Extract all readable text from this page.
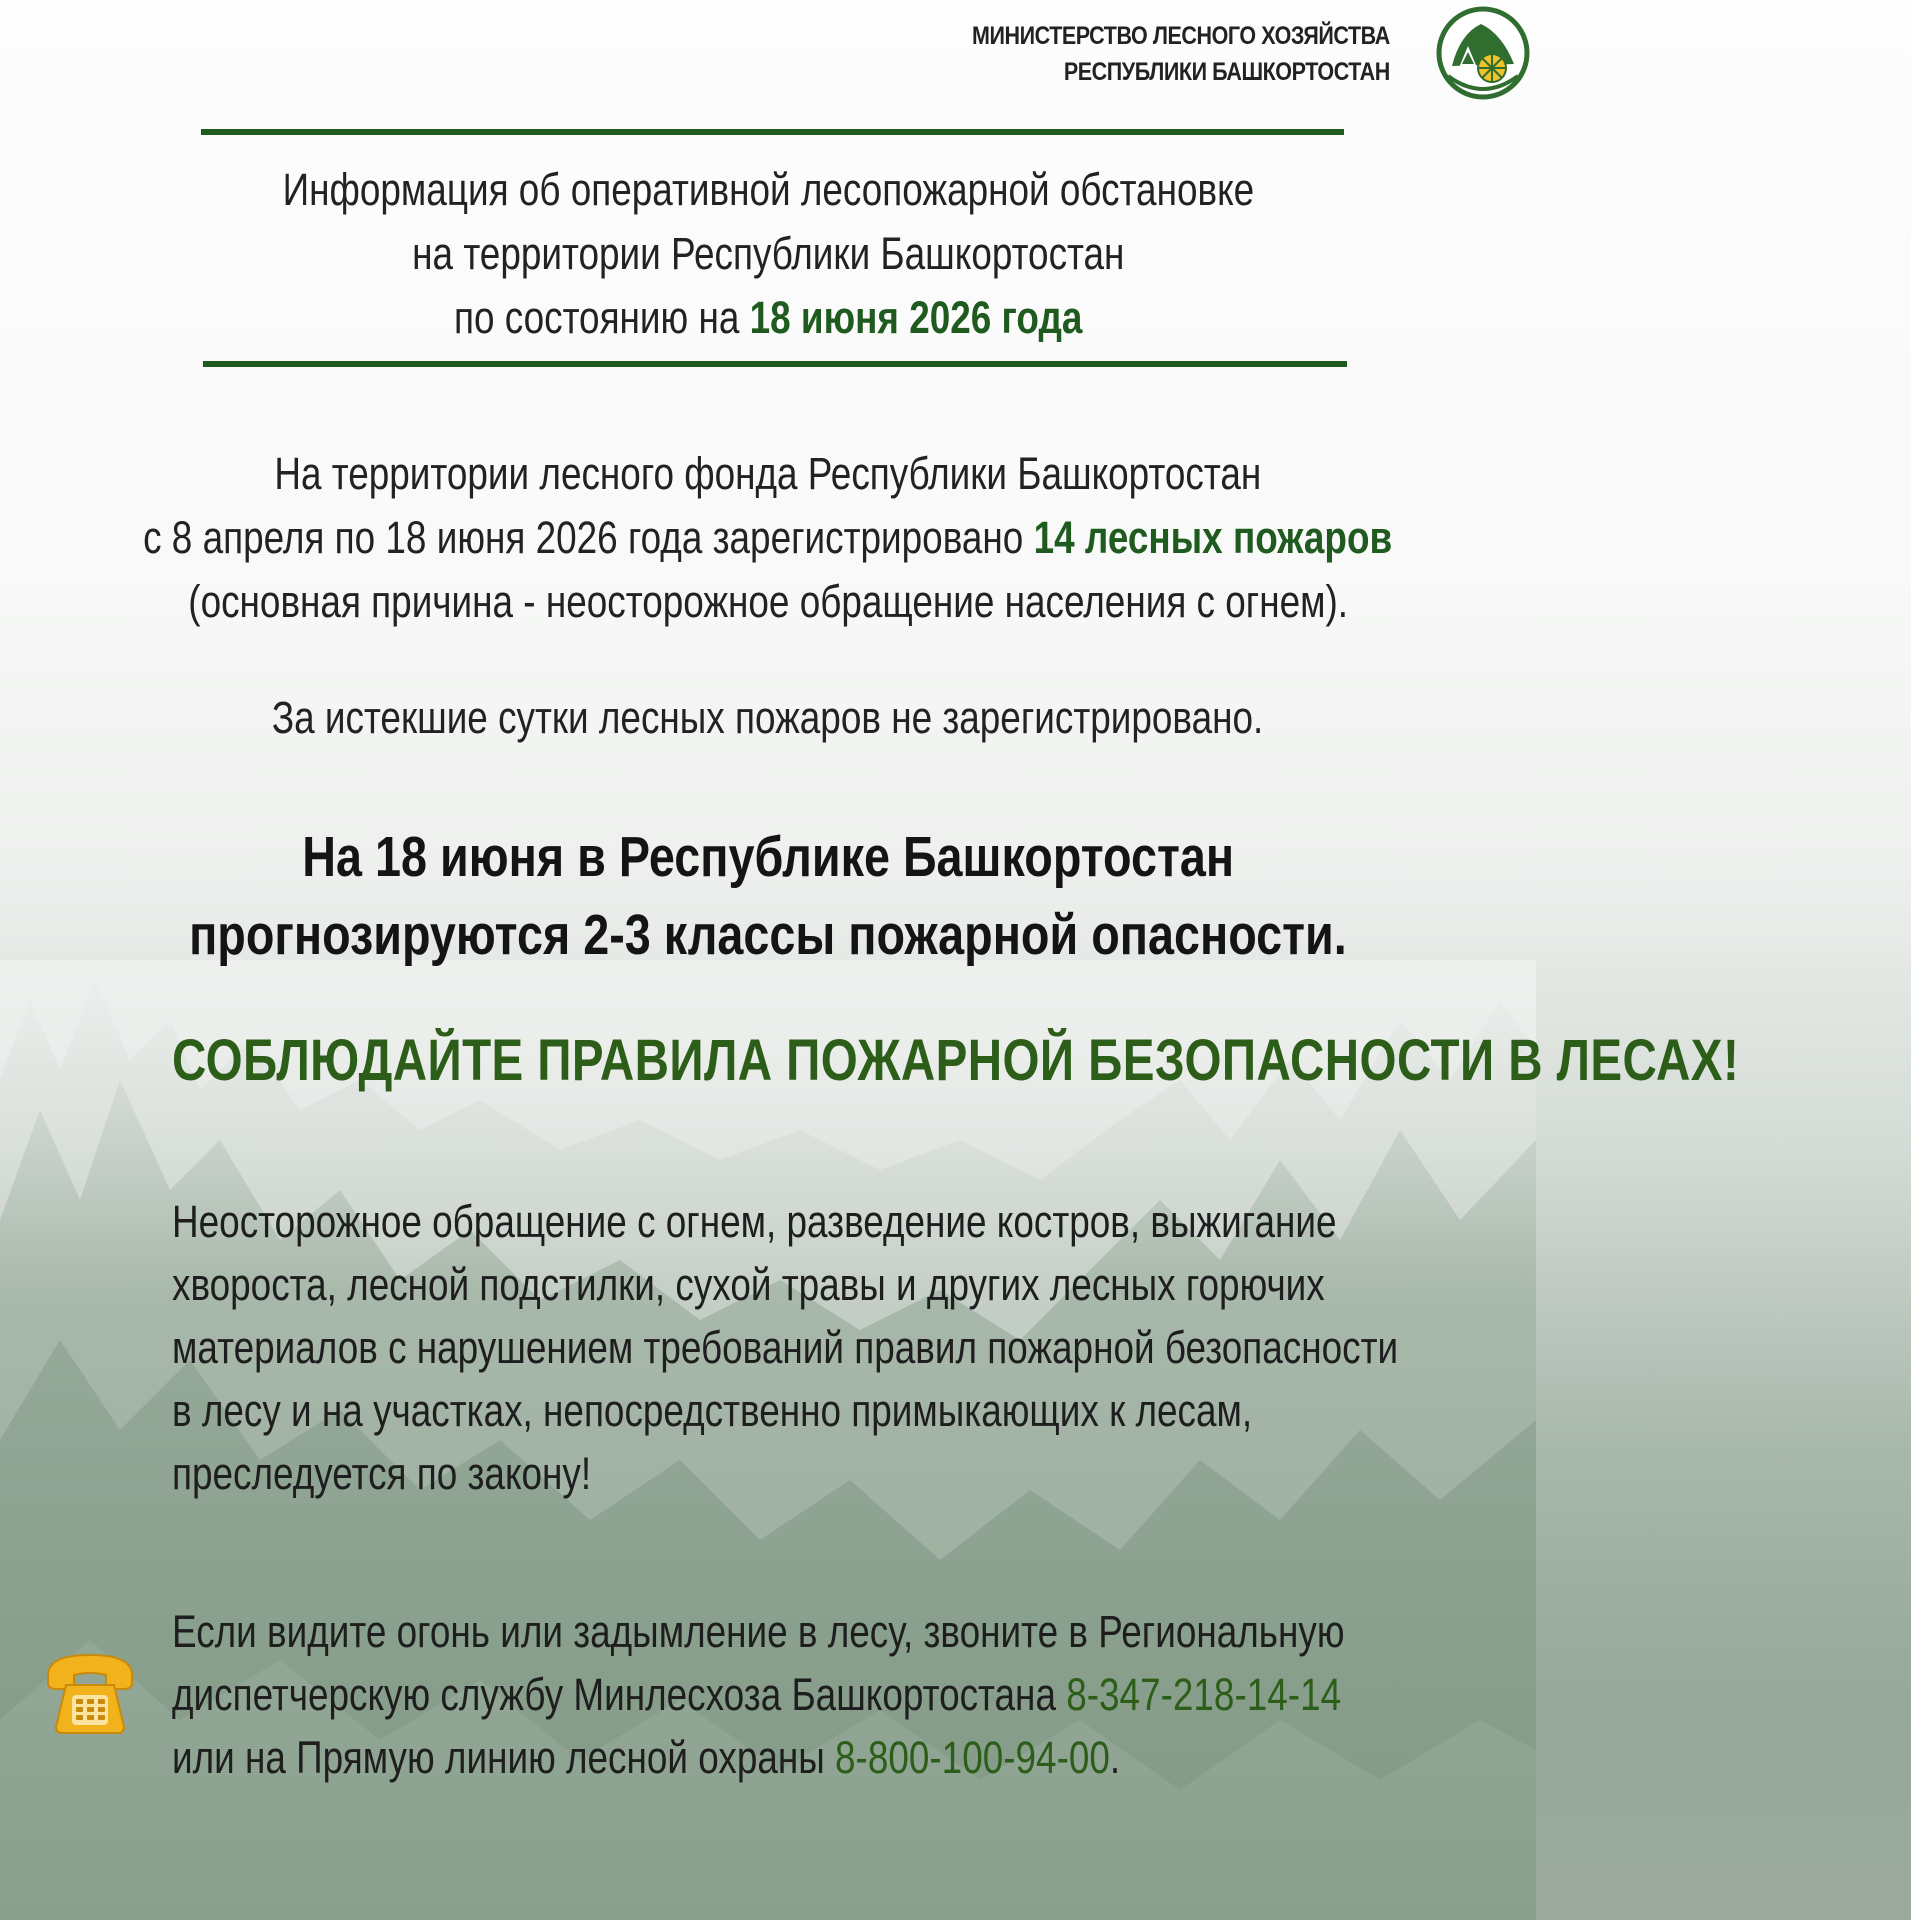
МИНИСТЕРСТВО ЛЕСНОГО ХОЗЯЙСТВА
РЕСПУБЛИКИ БАШКОРТОСТАН
Информация об оперативной лесопожарной обстановке
на территории Республики Башкортостан
по состоянию на 18 июня 2026 года
На территории лесного фонда Республики Башкортостан
с 8 апреля по 18 июня 2026 года зарегистрировано 14 лесных пожаров
(основная причина - неосторожное обращение населения с огнем).
За истекшие сутки лесных пожаров не зарегистрировано.
На 18 июня в Республике Башкортостан
прогнозируются 2-3 классы пожарной опасности.
СОБЛЮДАЙТЕ ПРАВИЛА ПОЖАРНОЙ БЕЗОПАСНОСТИ В ЛЕСАХ!
Неосторожное обращение с огнем, разведение костров, выжигание
хвороста, лесной подстилки, сухой травы и других лесных горючих
материалов с нарушением требований правил пожарной безопасности
в лесу и на участках, непосредственно примыкающих к лесам,
преследуется по закону!
Если видите огонь или задымление в лесу, звоните в Региональную
диспетчерскую службу Минлесхоза Башкортостана 8-347-218-14-14
или на Прямую линию лесной охраны 8-800-100-94-00.
